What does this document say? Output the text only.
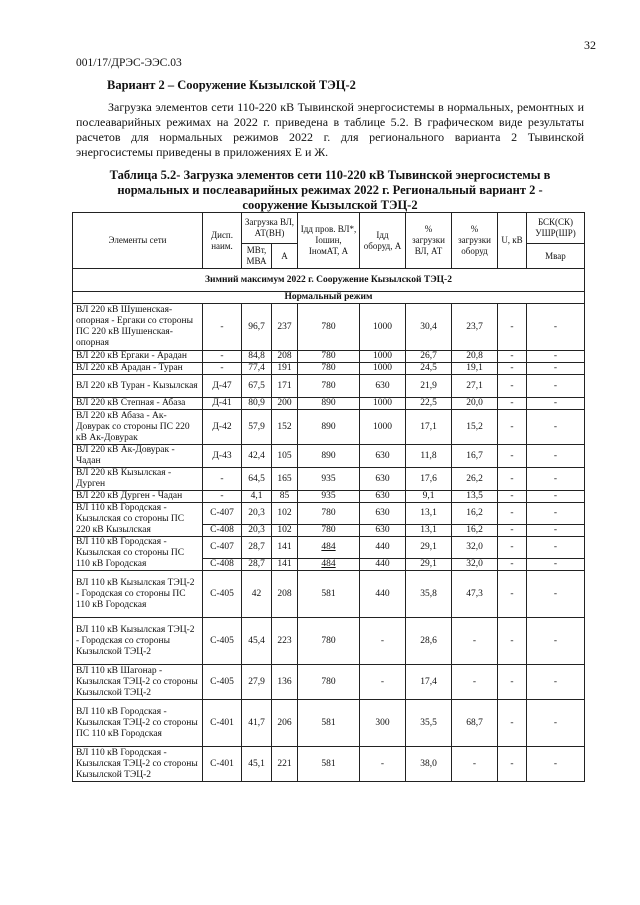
32
001/17/ДРЭС-ЭЭС.03
Вариант 2 – Сооружение Кызылской ТЭЦ-2
Загрузка элементов сети 110-220 кВ Тывинской энергосистемы в нормальных, ремонтных и послеаварийных режимах на 2022 г. приведена в таблице 5.2. В графическом виде результаты расчетов для нормальных режимов 2022 г. для регионального варианта 2 Тывинской энергосистемы приведены в приложениях Е и Ж.
Таблица 5.2- Загрузка элементов сети 110-220 кВ Тывинской энергосистемы в нормальных и послеаварийных режимах 2022 г. Региональный вариант 2 - сооружение Кызылской ТЭЦ-2
Элементы сети	Дисп. наим.	Загрузка ВЛ, АТ(ВН)		Iдд пров. ВЛ*, Iошин, IномАТ, А	Iдд оборуд, А	% загрузки ВЛ, АТ	% загрузки оборуд	U, кВ	БСК(СК) УШР(ШР)
		МВт, МВА	А						Мвар
Зимний максимум 2022 г. Сооружение Кызылской ТЭЦ-2									
Нормальный режим									
ВЛ 220 кВ Шушенская-опорная - Ергаки со стороны ПС 220 кВ Шушенская-опорная	-	96,7	237	780	1000	30,4	23,7	-	-
ВЛ 220 кВ Ергаки - Арадан	-	84,8	208	780	1000	26,7	20,8	-	-
ВЛ 220 кВ Арадан - Туран	-	77,4	191	780	1000	24,5	19,1	-	-
ВЛ 220 кВ Туран - Кызылская	Д-47	67,5	171	780	630	21,9	27,1	-	-
ВЛ 220 кВ Степная - Абаза	Д-41	80,9	200	890	1000	22,5	20,0	-	-
ВЛ 220 кВ Абаза - Ак-Довурак со стороны ПС 220 кВ Ак-Довурак	Д-42	57,9	152	890	1000	17,1	15,2	-	-
ВЛ 220 кВ Ак-Довурак - Чадан	Д-43	42,4	105	890	630	11,8	16,7	-	-
ВЛ 220 кВ Кызылская - Дурген	-	64,5	165	935	630	17,6	26,2	-	-
ВЛ 220 кВ Дурген - Чадан	-	4,1	85	935	630	9,1	13,5	-	-
ВЛ 110 кВ Городская - Кызылская со стороны ПС 220 кВ Кызылская	С-407	20,3	102	780	630	13,1	16,2	-	-
	С-408	20,3	102	780	630	13,1	16,2	-	-
ВЛ 110 кВ Городская - Кызылская со стороны ПС 110 кВ Городская	С-407	28,7	141	484	440	29,1	32,0	-	-
	С-408	28,7	141	484	440	29,1	32,0	-	-
ВЛ 110 кВ Кызылская ТЭЦ-2 - Городская со стороны ПС 110 кВ Городская	С-405	42	208	581	440	35,8	47,3	-	-
ВЛ 110 кВ Кызылская ТЭЦ-2 - Городская со стороны Кызылской ТЭЦ-2	С-405	45,4	223	780	-	28,6	-	-	-
ВЛ 110 кВ Шагонар - Кызылская ТЭЦ-2 со стороны Кызылской ТЭЦ-2	С-405	27,9	136	780	-	17,4	-	-	-
ВЛ 110 кВ Городская - Кызылская ТЭЦ-2 со стороны ПС 110 кВ Городская	С-401	41,7	206	581	300	35,5	68,7	-	-
ВЛ 110 кВ Городская - Кызылская ТЭЦ-2 со стороны Кызылской ТЭЦ-2	С-401	45,1	221	581	-	38,0	-	-	-
